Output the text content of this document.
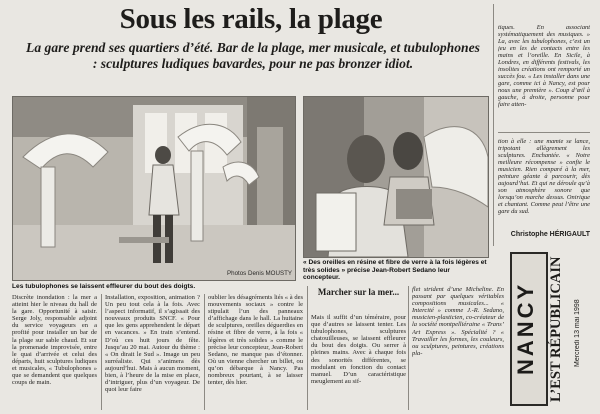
Sous les rails, la plage
La gare prend ses quartiers d’été. Bar de la plage, mer musicale, et tubulophones : sculptures ludiques bavardes, pour ne pas bronzer idiot.
Photos Denis MOUSTY
Les tubulophones se laissent effleurer du bout des doigts.
« Des oreilles en résine et fibre de verre à la fois légères et très solides » précise Jean-Robert Sedano leur concepteur.

Discrète inondation : la mer a atteint hier le niveau du hall de la gare. Opportunité à saisir. Serge Joly, responsable adjoint du service voyageurs en a profité pour installer un bar de la plage sur sable chaud. Et sur la promenade improvisée, entre le quai d’arrivée et celui des départs, huit sculptures ludiques et musicales, « Tubulophones » que se demandent que quelques coups de main.

Installation, exposition, animation ? Un peu tout cela à la fois. Avec l’aspect informatif, il s’agissait des nouveaux produits SNCF. « Pour que les gens apprehendent le départ en vacances. » En train s’entend. D’où ces huit jours de fête. Jusqu’au 20 mai. Autour du thème : « On dirait le Sud ». Image un peu surréaliste. Qui s’animera dès aujourd’hui. Mais à aucun moment, bien, à l’heure de la mise en place, d’intriguer, plus d’un voyageur. De quoi leur faire

oublier les désagréments liés « à des mouvements sociaux » contre le stipulait l’un des panneaux d’affichage dans le hall. La huitaine de sculptures, oreilles déguerdies en résine et fibre de verre, à la fois « légères et très solides » comme le précise leur concepteur, Jean-Robert Sedano, ne manque pas d’étonner. Où un vienne chercher un billet, ou qu’on débarque à Nancy. Pas nombreux pourtant, à se laisser tenter, dès hier.

Marcher sur la mer...

Mais il suffit d’un téméraire, pour que d’autres se laissent tenter. Les tubulophones, sculptures chatouilleuses, se laissent effleurer du bout des doigts. Ou serrer à pleines mains. Avec à chaque fois des sonorités différentes, se modulant en fonction du contact manuel. D’un caractéristique meuglement au sif-

flet strident d’une Micheline. En passant par quelques véritables compositions musicales... « Intercité » comme J.-R. Sedano, musicien-plasticien, co-créateur de la société montpelliéraine « Trans’ Art Express ». Spécialité ? « Travailler les formes, les couleurs, ou sculptures, peintures, créations pla-

tiques. En associant systématiquement des musiques. » La, avec les tubulophones, c’est un jeu en les de contacts entre les mains et l’oreille. En Sicile, à Londres, en différents festivals, les insolites créations ont remporté un succès fou. « Les installer dans une gare, comme ici à Nancy, est pour nous une première ». Coup d’œil à gauche, à droite, personne pour faire atten-

tion à elle : une mamie se lance, tripotant allègrement les sculptures. Enchantée. « Notre meilleure récompense » confie le musicien. Rien comparé à la mer, peinture géante à parcourir, dès aujourd’hui. Et qui ne déroule qu’à son atmosphère sonore que lorsqu’on marche dessus. Onirique et chantant. Comme peut l’être une gare du sud.

Christophe HÉRIGAULT
NANCY L’EST RÉPUBLICAIN	Mercredi 13 mai 1998
